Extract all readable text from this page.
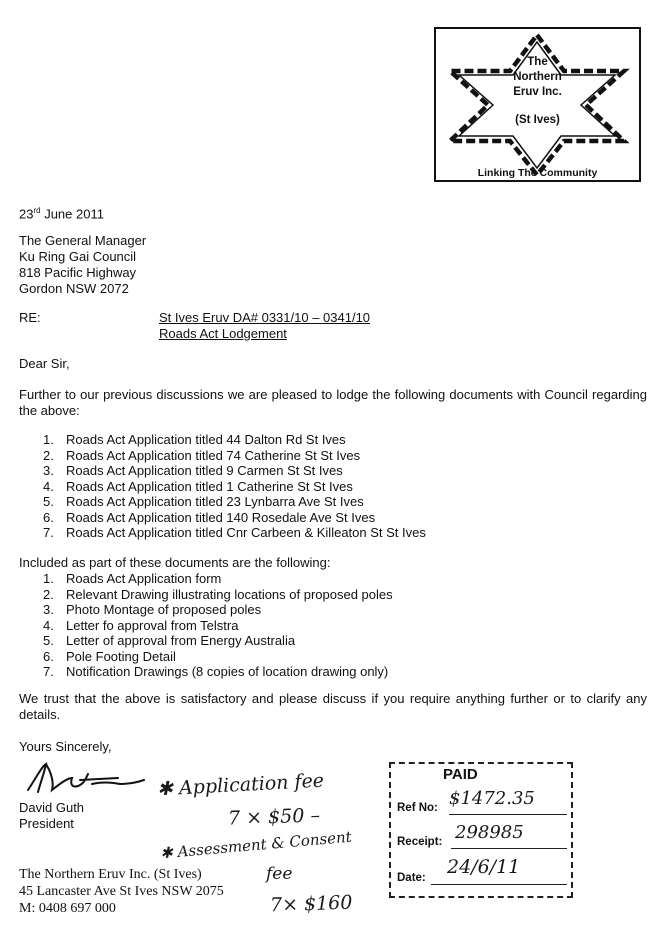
The
Northern
Eruv Inc.
(St Ives)
Linking The Community
23rd June 2011
The General Manager
Ku Ring Gai Council
818 Pacific Highway
Gordon NSW 2072
RE:	St Ives Eruv DA# 0331/10 – 0341/10
Roads Act Lodgement
Dear Sir,
Further to our previous discussions we are pleased to lodge the following documents with Council regarding the above:
1. Roads Act Application titled 44 Dalton Rd St Ives
2. Roads Act Application titled 74 Catherine St St Ives
3. Roads Act Application titled 9 Carmen St St Ives
4. Roads Act Application titled 1 Catherine St St Ives
5. Roads Act Application titled 23 Lynbarra Ave St Ives
6. Roads Act Application titled 140 Rosedale Ave St Ives
7. Roads Act Application titled Cnr Carbeen & Killeaton St St Ives
Included as part of these documents are the following:
1. Roads Act Application form
2. Relevant Drawing illustrating locations of proposed poles
3. Photo Montage of proposed poles
4. Letter fo approval from Telstra
5. Letter of approval from Energy Australia
6. Pole Footing Detail
7. Notification Drawings (8 copies of location drawing only)
We trust that the above is satisfactory and please discuss if you require anything further or to clarify any details.
Yours Sincerely,
David Guth
President
The Northern Eruv Inc. (St Ives)
45 Lancaster Ave St Ives NSW 2075
M: 0408 697 000
✱ Application fee
7 × $50 –
✱ Assessment & Consent
fee
7× $160
PAID
Ref No: $1472.35
Receipt: 298985
Date: 24/6/11
